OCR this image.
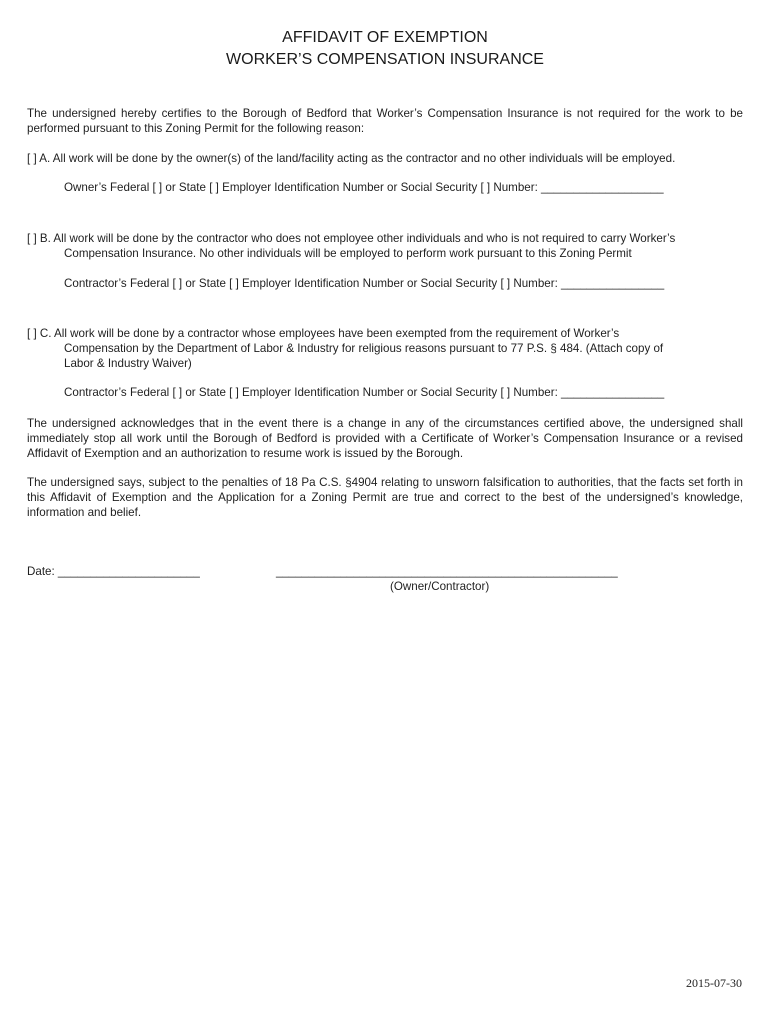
AFFIDAVIT OF EXEMPTION
WORKER’S COMPENSATION INSURANCE
The undersigned hereby certifies to the Borough of Bedford that Worker’s Compensation Insurance is not required for the work to be performed pursuant to this Zoning Permit for the following reason:
[ ] A. All work will be done by the owner(s) of the land/facility acting as the contractor and no other individuals will be employed.
Owner’s Federal [ ] or State [ ] Employer Identification Number or Social Security [ ] Number: ___________________
[ ] B. All work will be done by the contractor who does not employee other individuals and who is not required to carry Worker’s
Compensation Insurance. No other individuals will be employed to perform work pursuant to this Zoning Permit
Contractor’s Federal [ ] or State [ ] Employer Identification Number or Social Security [ ] Number: ________________
[ ] C. All work will be done by a contractor whose employees have been exempted from the requirement of Worker’s
Compensation by the Department of Labor & Industry for religious reasons pursuant to 77 P.S. § 484. (Attach copy of
Labor & Industry Waiver)
Contractor’s Federal [ ] or State [ ] Employer Identification Number or Social Security [ ] Number: ________________
The undersigned acknowledges that in the event there is a change in any of the circumstances certified above, the undersigned shall immediately stop all work until the Borough of Bedford is provided with a Certificate of Worker’s Compensation Insurance or a revised Affidavit of Exemption and an authorization to resume work is issued by the Borough.
The undersigned says, subject to the penalties of 18 Pa C.S. §4904 relating to unsworn falsification to authorities, that the facts set forth in this Affidavit of Exemption and the Application for a Zoning Permit are true and correct to the best of the undersigned’s knowledge, information and belief.
Date: ______________________	_____________________________________________________
(Owner/Contractor)
2015-07-30
